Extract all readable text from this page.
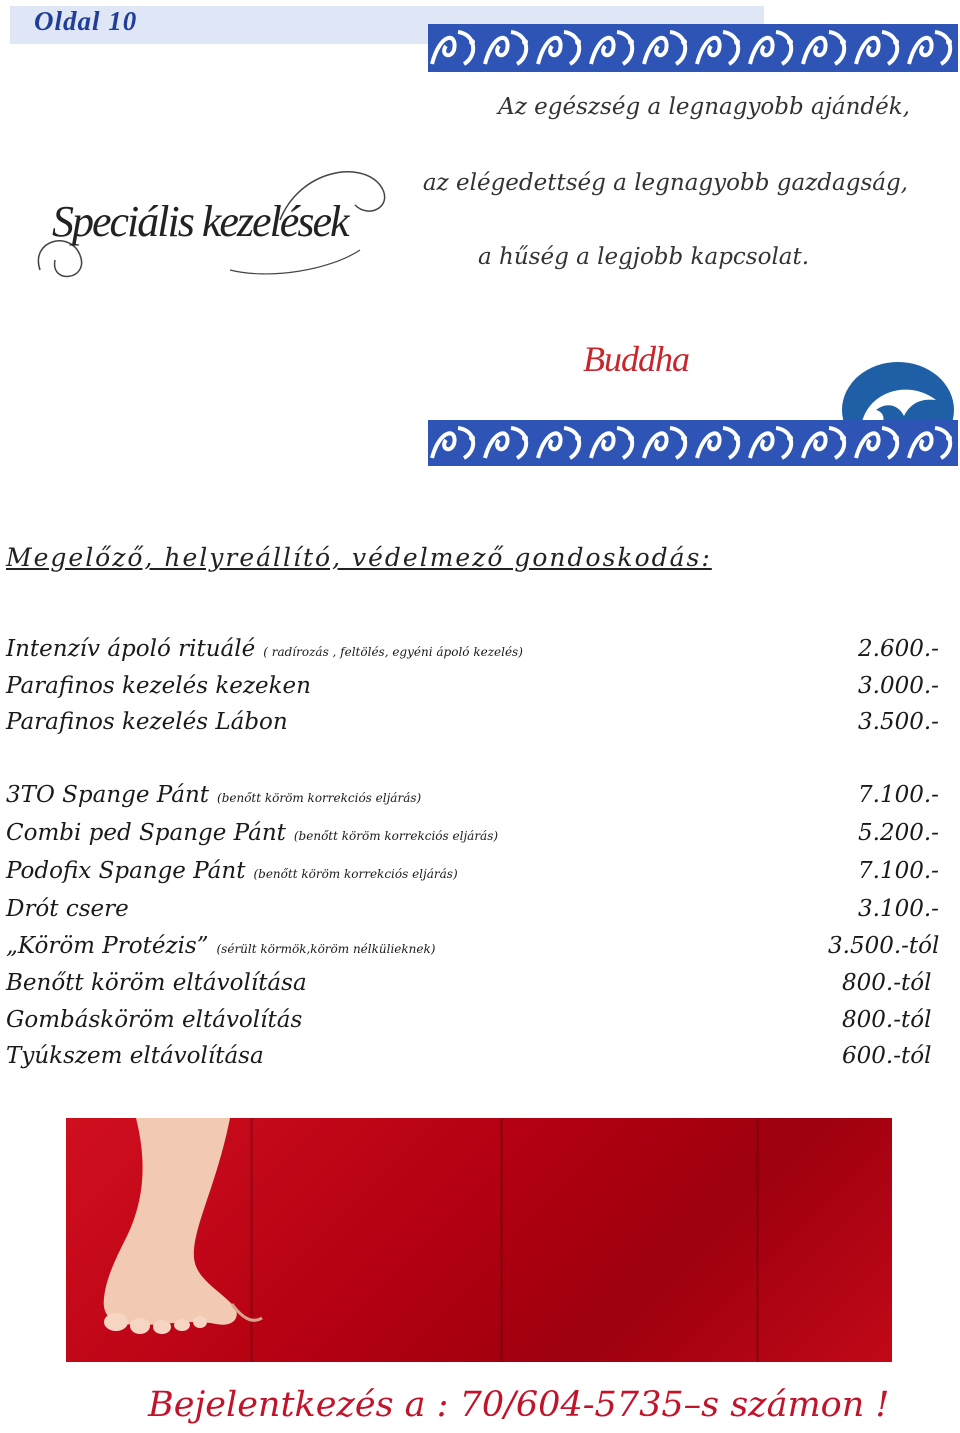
Oldal 10
Speciális kezelések
Az egészség a legnagyobb ajándék,
az elégedettség a legnagyobb gazdagság,
a hűség a legjobb kapcsolat.
Buddha
Megelőző, helyreállító, védelmező gondoskodás:
Intenzív ápoló rituálé ( radírozás , feltölés, egyéni ápoló kezelés)	2.600.-
Parafinos kezelés kezeken	3.000.-
Parafinos kezelés Lábon	3.500.-
3TO Spange Pánt (benőtt köröm korrekciós eljárás)	7.100.-
Combi ped Spange Pánt (benőtt köröm korrekciós eljárás)	5.200.-
Podofix Spange Pánt (benőtt köröm korrekciós eljárás)	7.100.-
Drót csere	3.100.-
„Köröm Protézis” (sérült körmök,köröm nélkülieknek)	3.500.-tól
Benőtt köröm eltávolítása	800.-tól
Gombásköröm eltávolítás	800.-tól
Tyúkszem eltávolítása	600.-tól
Bejelentkezés a : 70/604-5735–s számon !
